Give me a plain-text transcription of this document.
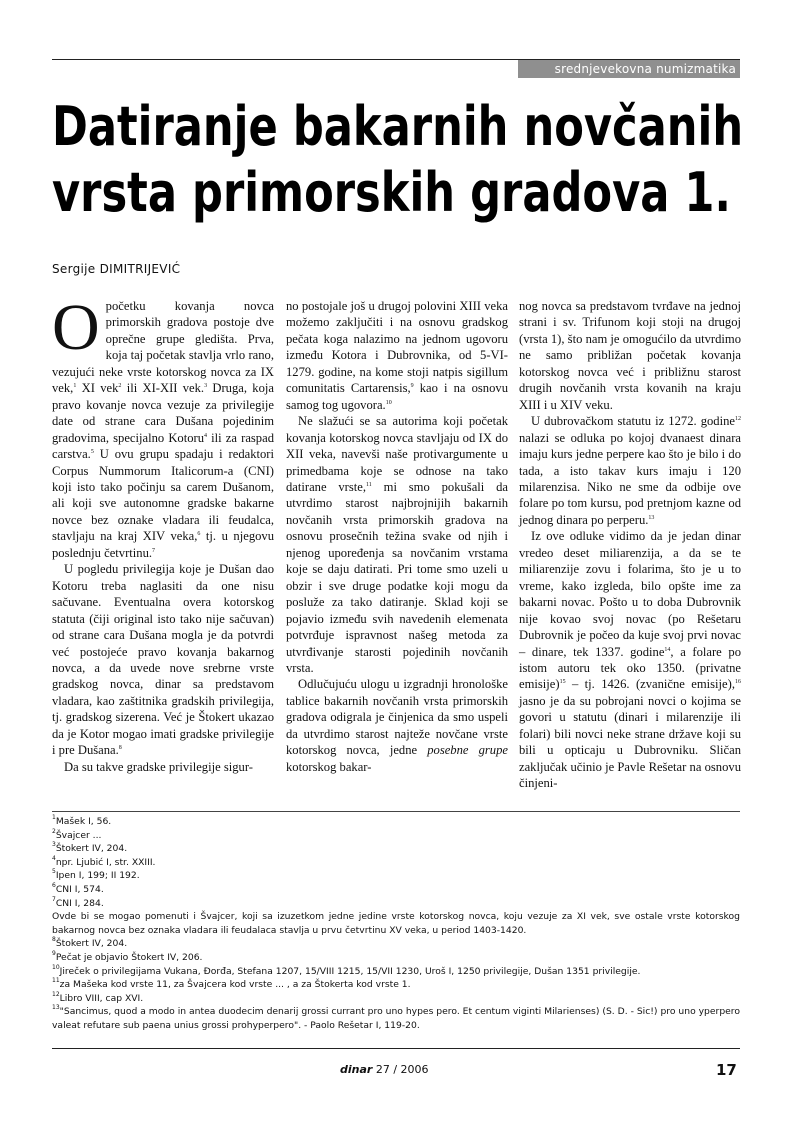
srednjevekovna numizmatika
Datiranje bakarnih novčanih
vrsta primorskih gradova 1.
Sergije DIMITRIJEVIĆ

Opočetku kovanja novca primorskih gradova postoje dve oprečne grupe gledišta. Prva, koja taj početak stavlja vrlo rano, vezujući neke vrste kotorskog novca za IX vek,$^1$ XI vek$^2$ ili XI-XII vek.$^3$ Druga, koja pravo kovanje novca vezuje za privilegije date od strane cara Dušana pojedinim gradovima, specijalno Kotoru$^4$ ili za raspad carstva.$^5$ U ovu grupu spadaju i redaktori Corpus Nummorum Italicorum-a (CNI) koji isto tako počinju sa carem Dušanom, ali koji sve autonomne gradske bakarne novce bez oznake vladara ili feudalca, stavljaju na kraj XIV veka,$^6$ tj. u njegovu poslednju četvrtinu.$^7$

U pogledu privilegija koje je Dušan dao Kotoru treba naglasiti da one nisu sačuvane. Eventualna overa kotorskog statuta (čiji original isto tako nije sačuvan) od strane cara Dušana mogla je da potvrdi već postojeće pravo kovanja bakarnog novca, a da uvede nove srebrne vrste gradskog novca, dinar sa predstavom vladara, kao zaštitnika gradskih privilegija, tj. gradskog sizerena. Već je Štokert ukazao da je Kotor mogao imati gradske privilegije i pre Dušana.$^8$

Da su takve gradske privilegije sigur-

no postojale još u drugoj polovini XIII veka možemo zaključiti i na osnovu gradskog pečata koga nalazimo na jednom ugovoru između Kotora i Dubrovnika, od 5-VI-1279. godine, na kome stoji natpis sigillum comunitatis Cartarensis,$^9$ kao i na osnovu samog tog ugovora.$^{10}$

Ne slažući se sa autorima koji početak kovanja kotorskog novca stavljaju od IX do XII veka, navevši naše protivargumente u primedbama koje se odnose na tako datirane vrste,$^{11}$ mi smo pokušali da utvrdimo starost najbrojnijih bakarnih novčanih vrsta primorskih gradova na osnovu prosečnih težina svake od njih i njenog upoređenja sa novčanim vrstama koje se daju datirati. Pri tome smo uzeli u obzir i sve druge podatke koji mogu da posluže za tako datiranje. Sklad koji se pojavio između svih navedenih elemenata potvrđuje ispravnost našeg metoda za utvrđivanje starosti pojedinih novčanih vrsta.

Odlučujuću ulogu u izgradnji hronološke tablice bakarnih novčanih vrsta primorskih gradova odigrala je činjenica da smo uspeli da utvrdimo starost najteže novčane vrste kotorskog novca, jedne posebne grupe kotorskog bakar-

nog novca sa predstavom tvrđave na jednoj strani i sv. Trifunom koji stoji na drugoj (vrsta 1), što nam je omogućilo da utvrdimo ne samo približan početak kovanja kotorskog novca već i približnu starost drugih novčanih vrsta kovanih na kraju XIII i u XIV veku.

U dubrovačkom statutu iz 1272. godine$^{12}$ nalazi se odluka po kojoj dvanaest dinara imaju kurs jedne perpere kao što je bilo i do tada, a isto takav kurs imaju i 120 milarenzisa. Niko ne sme da odbije ove folare po tom kursu, pod pretnjom kazne od jednog dinara po perperu.$^{13}$

Iz ove odluke vidimo da je jedan dinar vredeo deset miliarenzija, a da se te miliarenzije zovu i folarima, što je u to vreme, kako izgleda, bilo opšte ime za bakarni novac. Pošto u to doba Dubrovnik nije kovao svoj novac (po Rešetaru Dubrovnik je počeo da kuje svoj prvi novac – dinare, tek 1337. godine$^{14}$, a folare po istom autoru tek oko 1350. (privatne emisije)$^{15}$ – tj. 1426. (zvanične emisije),$^{16}$ jasno je da su pobrojani novci o kojima se govori u statutu (dinari i milarenzije ili folari) bili novci neke strane države koji su bili u opticaju u Dubrovniku. Sličan zaključak učinio je Pavle Rešetar na osnovu činjeni-

$^1$Mašek I, 56.
$^2$Švajcer ...
$^3$Štokert IV, 204.
$^4$npr. Ljubić I, str. XXIII.
$^5$Ipen I, 199; II 192.
$^6$CNI I, 574.
$^7$CNI I, 284.
Ovde bi se mogao pomenuti i Švajcer, koji sa izuzetkom jedne jedine vrste kotorskog novca, koju vezuje za XI vek, sve ostale vrste kotorskog bakarnog novca bez oznaka vladara ili feudalaca stavlja u prvu četvrtinu XV veka, u period 1403-1420.
$^8$Štokert IV, 204.
$^9$Pečat je objavio Štokert IV, 206.
$^{10}$Jireček o privilegijama Vukana, Đorđa, Stefana 1207, 15/VIII 1215, 15/VII 1230, Uroš I, 1250 privilegije, Dušan 1351 privilegije.
$^{11}$za Mašeka kod vrste 11, za Švajcera kod vrste ... , a za Štokerta kod vrste 1.
$^{12}$Libro VIII, cap XVI.
$^{13}$"Sancimus, quod a modo in antea duodecim denarij grossi currant pro uno hypes pero. Et centum viginti Milarienses) (S. D. - Sic!) pro uno yperpero valeat refutare sub paena unius grossi prohyperpero". - Paolo Rešetar I, 119-20.
dinar 27 / 2006	17
